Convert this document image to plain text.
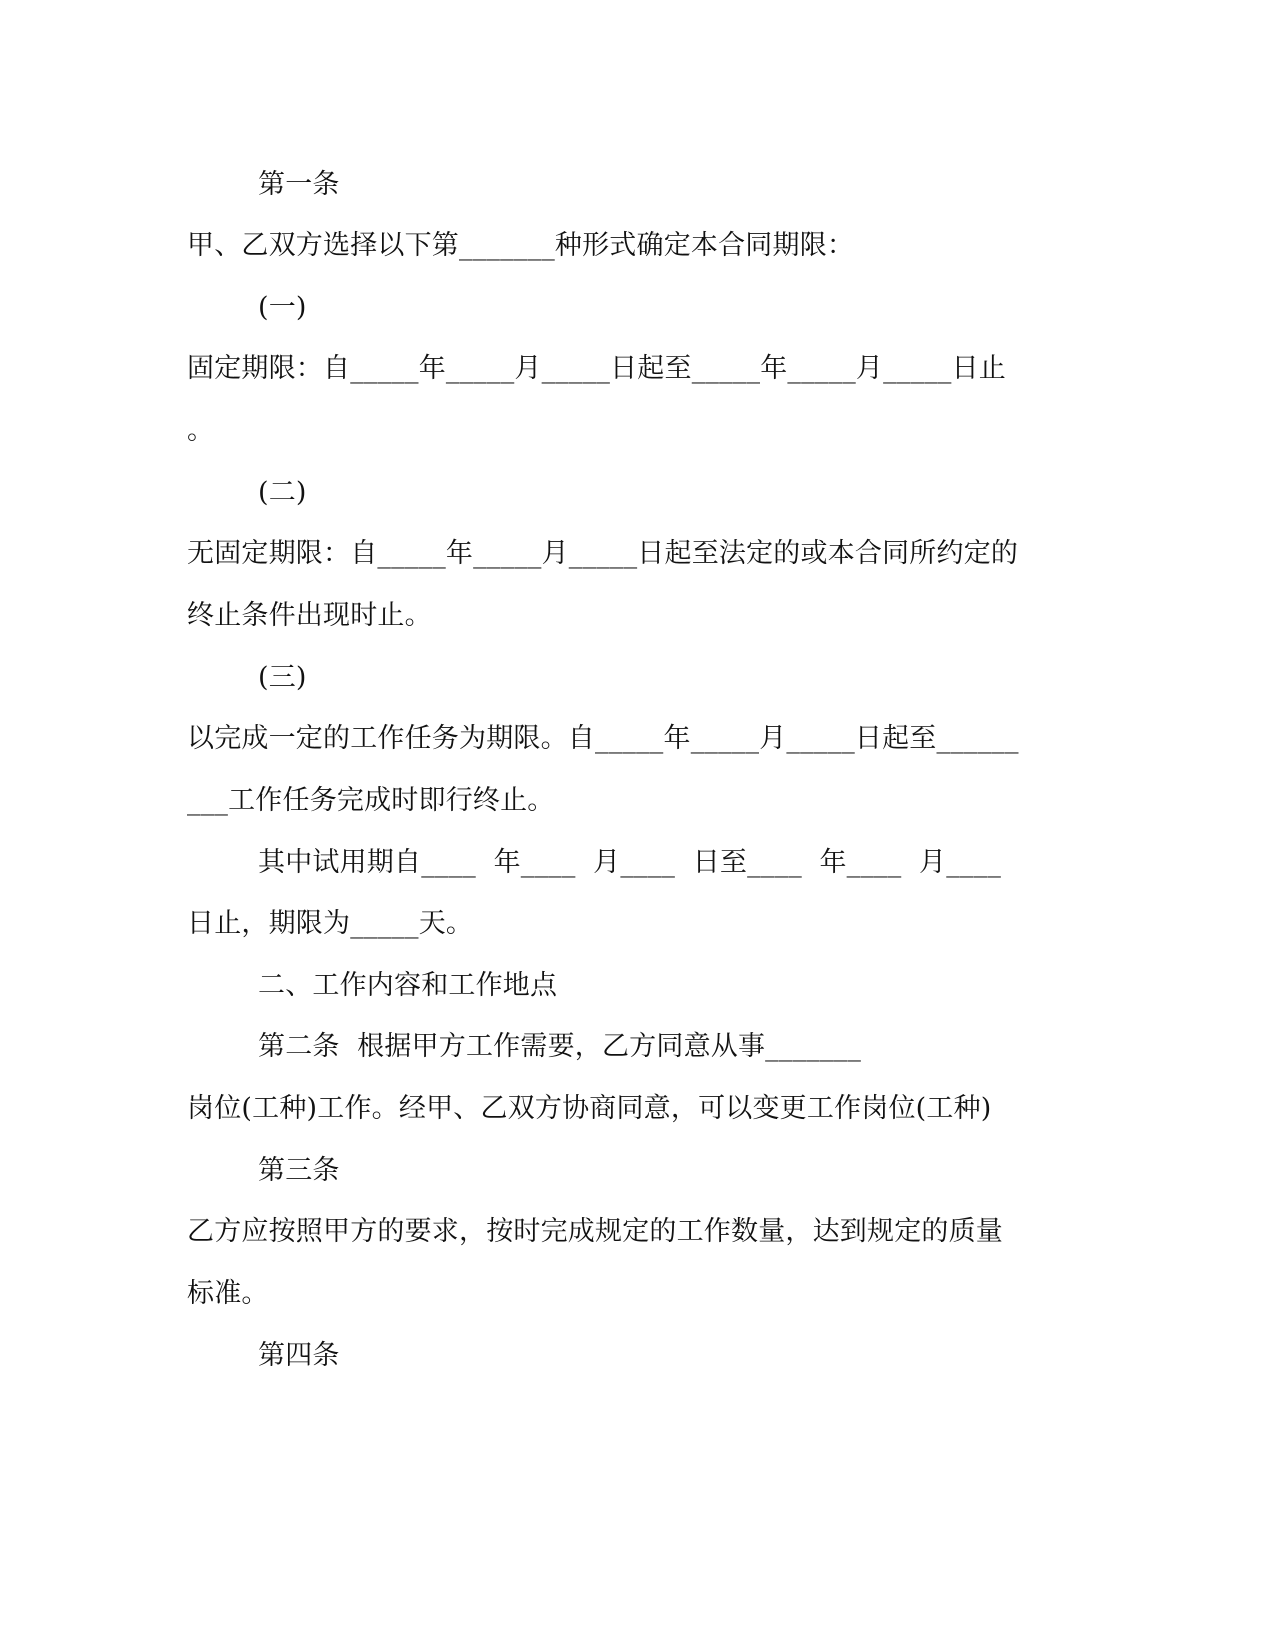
第一条
甲、乙双方选择以下第_______种形式确定本合同期限：
(一)
固定期限：自_____年_____月_____日起至_____年_____月_____日止
。
(二)
无固定期限：自_____年_____月_____日起至法定的或本合同所约定的
终止条件出现时止。
(三)
以完成一定的工作任务为期限。自_____年_____月_____日起至______
___工作任务完成时即行终止。
其中试用期自____  年____  月____  日至____  年____  月____
日止，期限为_____天。
二、工作内容和工作地点
第二条  根据甲方工作需要，乙方同意从事_______
岗位(工种)工作。经甲、乙双方协商同意，可以变更工作岗位(工种)
第三条
乙方应按照甲方的要求，按时完成规定的工作数量，达到规定的质量
标准。
第四条
